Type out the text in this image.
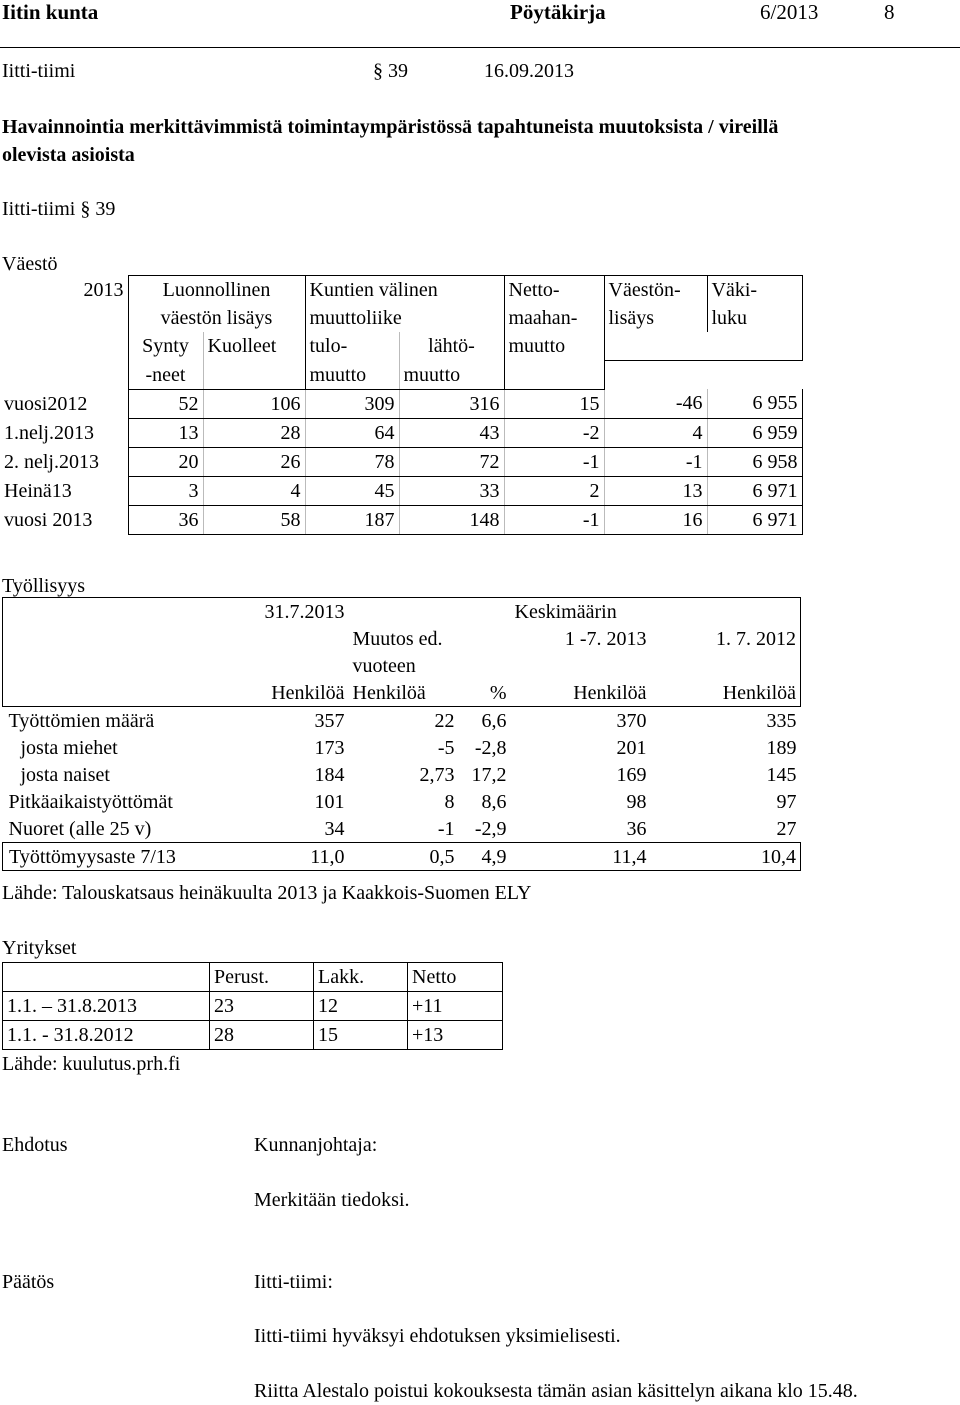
Iitin kunta	Pöytäkirja	6/2013	8
Iitti-tiimi	§ 39	16.09.2013
Havainnointia merkittävimmistä toimintaympäristössä tapahtuneista muutoksista / vireillä
olevista asioista
Iitti-tiimi § 39
Väestö
2013	Luonnollinen		Kuntien välinen		Netto-	Väestön-	Väki-
	väestön lisäys		muuttoliike		maahan-	lisäys	luku
	Synty	Kuolleet	tulo-	lähtö-	muutto		
	-neet		muutto	muutto			
vuosi2012	52	106	309	316	15	-46	6 955
1.nelj.2013	13	28	64	43	-2	4	6 959
2. nelj.2013	20	26	78	72	-1	-1	6 958
Heinä13	3	4	45	33	2	13	6 971
vuosi 2013	36	58	187	148	-1	16	6 971
Työllisyys
	31.7.2013			Keskimäärin	
		Muutos ed.		1 -7. 2013	1. 7. 2012
		vuoteen			
	Henkilöä	Henkilöä	%	Henkilöä	Henkilöä
Työttömien määrä	357	22	6,6	370	335
josta miehet	173	-5	-2,8	201	189
josta naiset	184	2,73	17,2	169	145
Pitkäaikaistyöttömät	101	8	8,6	98	97
Nuoret (alle 25 v)	34	-1	-2,9	36	27
Työttömyysaste 7/13	11,0	0,5	4,9	11,4	10,4
Lähde: Talouskatsaus heinäkuulta 2013 ja Kaakkois-Suomen ELY
Yritykset
	Perust.	Lakk.	Netto
1.1. – 31.8.2013	23	12	+11
1.1. - 31.8.2012	28	15	+13
Lähde: kuulutus.prh.fi
Ehdotus	Kunnanjohtaja:
Merkitään tiedoksi.
Päätös	Iitti-tiimi:
Iitti-tiimi hyväksyi ehdotuksen yksimielisesti.
Riitta Alestalo poistui kokouksesta tämän asian käsittelyn aikana klo 15.48.
